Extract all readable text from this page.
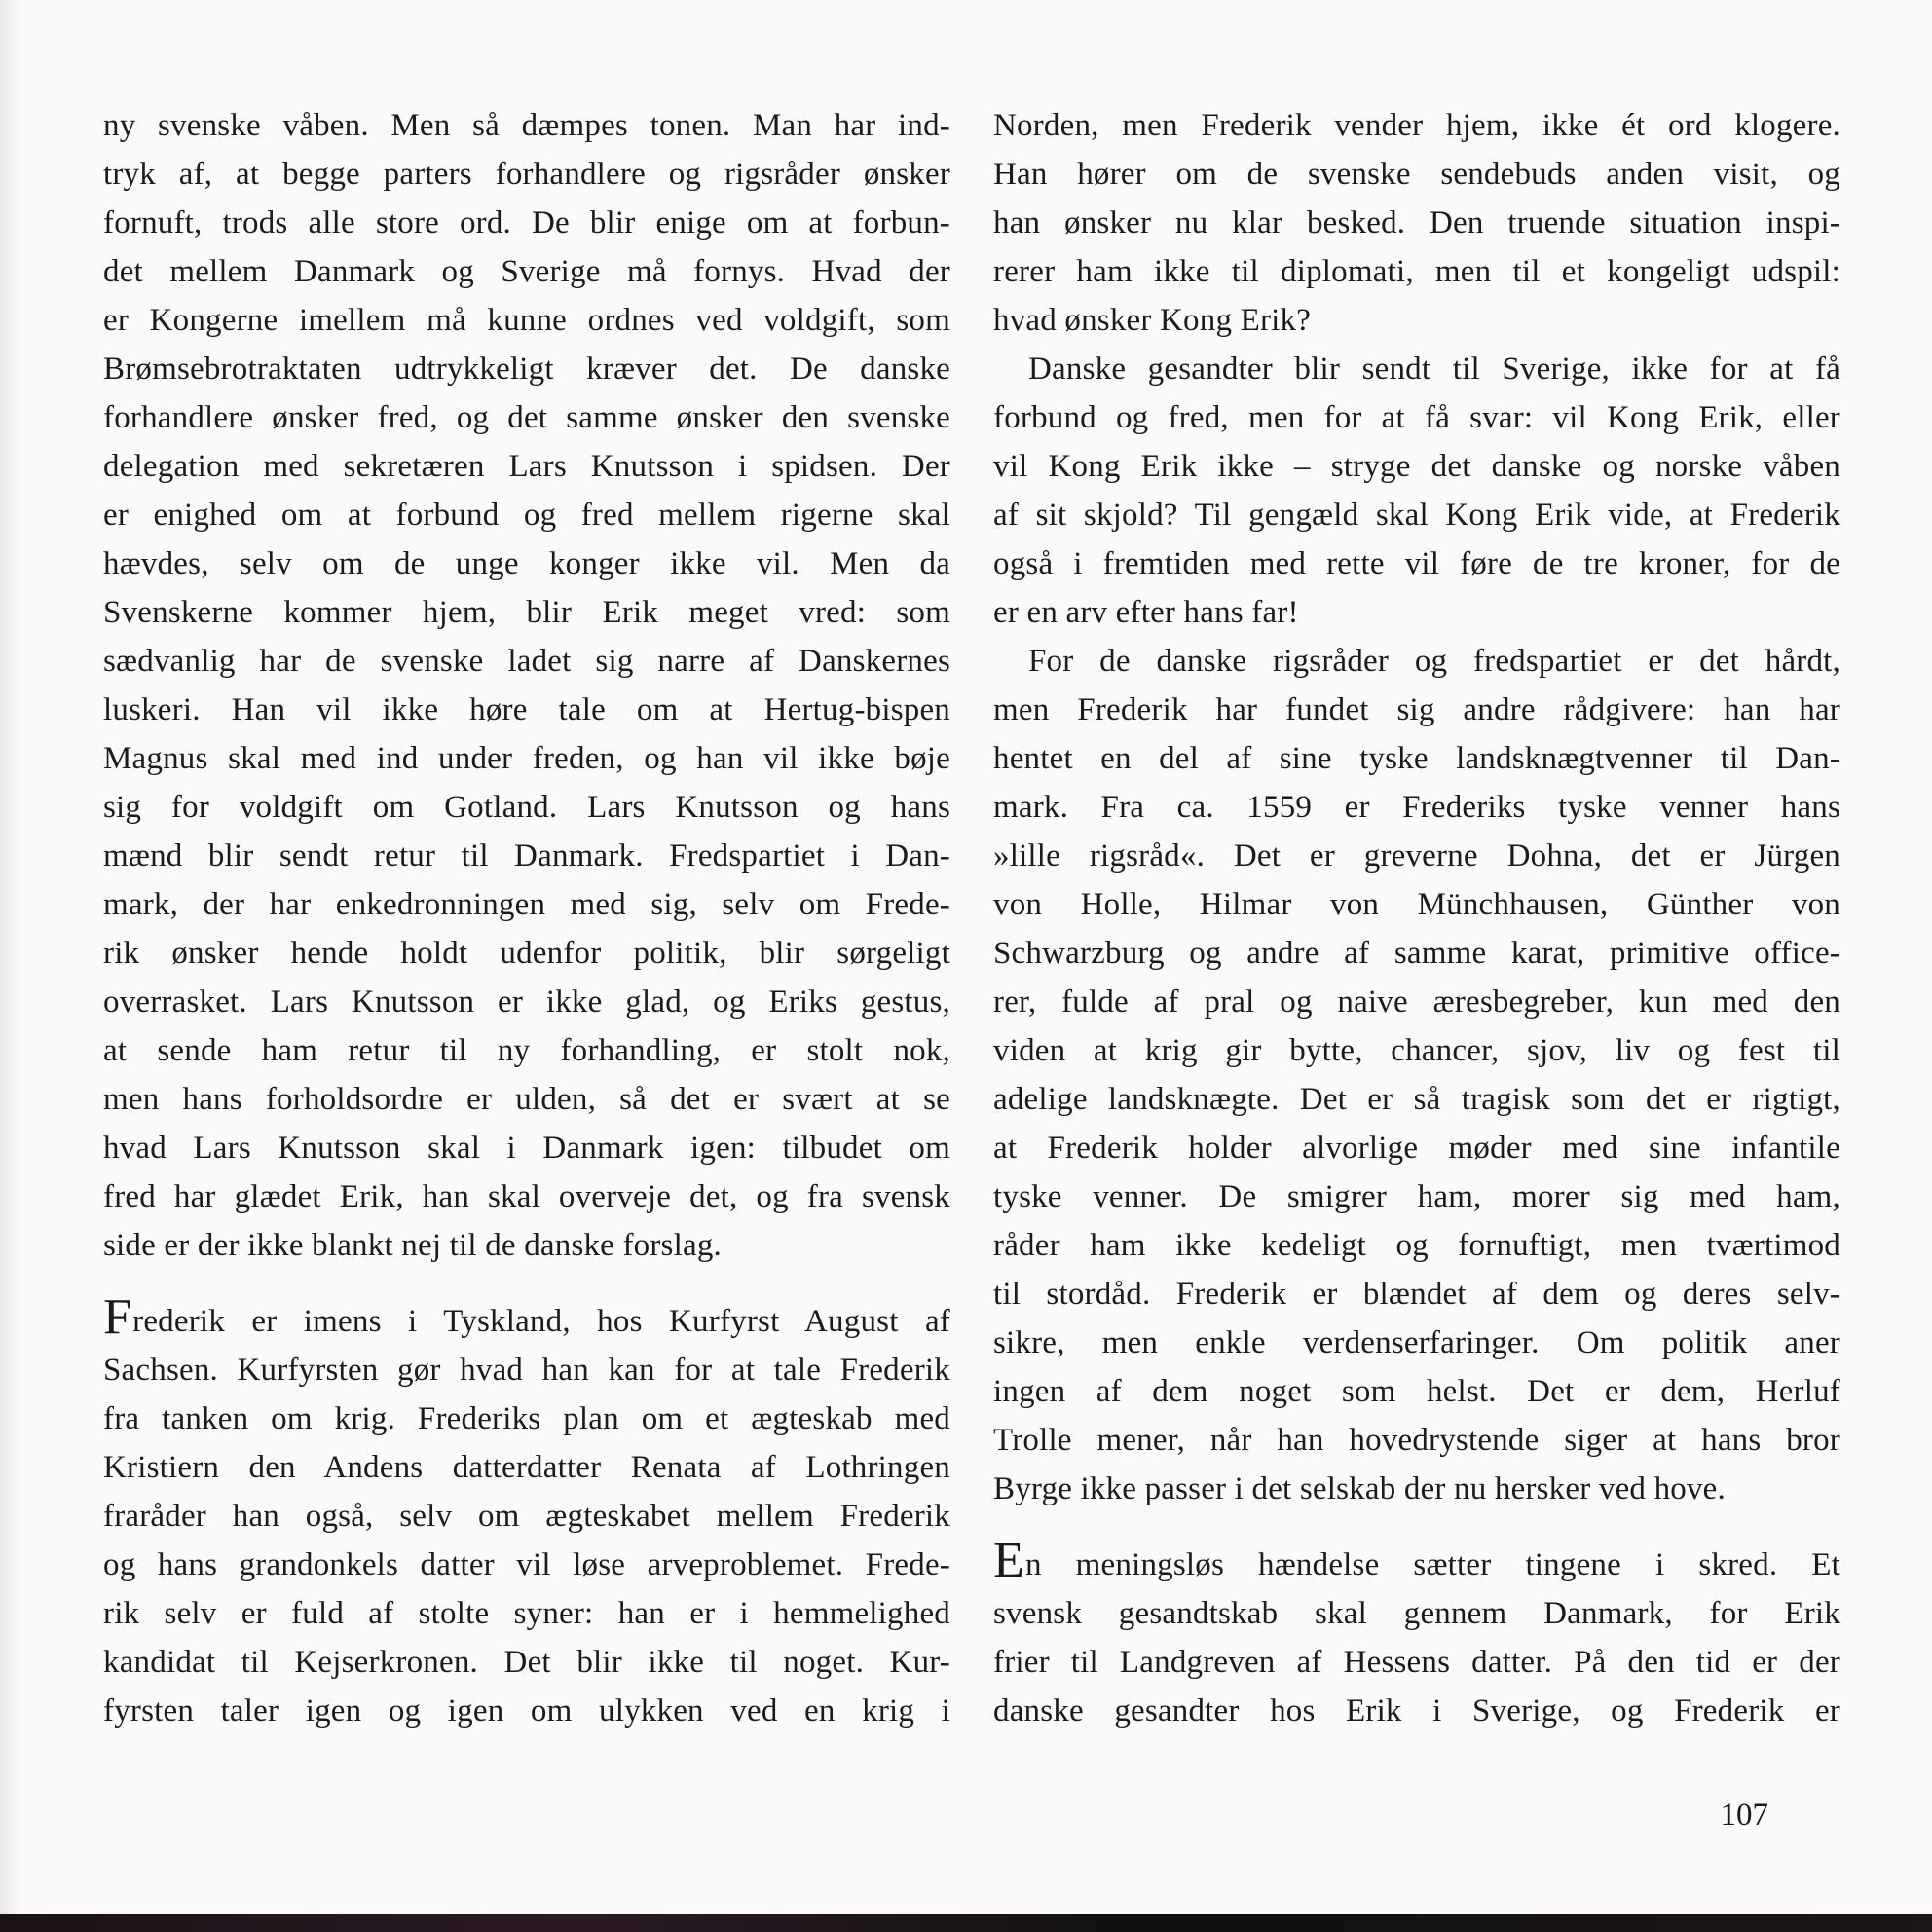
ny svenske våben. Men så dæmpes tonen. Man har ind-
tryk af, at begge parters forhandlere og rigsråder ønsker
fornuft, trods alle store ord. De blir enige om at forbun-
det mellem Danmark og Sverige må fornys. Hvad der
er Kongerne imellem må kunne ordnes ved voldgift, som
Brømsebrotraktaten udtrykkeligt kræver det. De danske
forhandlere ønsker fred, og det samme ønsker den svenske
delegation med sekretæren Lars Knutsson i spidsen. Der
er enighed om at forbund og fred mellem rigerne skal
hævdes, selv om de unge konger ikke vil. Men da
Svenskerne kommer hjem, blir Erik meget vred: som
sædvanlig har de svenske ladet sig narre af Danskernes
luskeri. Han vil ikke høre tale om at Hertug-bispen
Magnus skal med ind under freden, og han vil ikke bøje
sig for voldgift om Gotland. Lars Knutsson og hans
mænd blir sendt retur til Danmark. Fredspartiet i Dan-
mark, der har enkedronningen med sig, selv om Frede-
rik ønsker hende holdt udenfor politik, blir sørgeligt
overrasket. Lars Knutsson er ikke glad, og Eriks gestus,
at sende ham retur til ny forhandling, er stolt nok,
men hans forholdsordre er ulden, så det er svært at se
hvad Lars Knutsson skal i Danmark igen: tilbudet om
fred har glædet Erik, han skal overveje det, og fra svensk
side er der ikke blankt nej til de danske forslag.
Frederik er imens i Tyskland, hos Kurfyrst August af
Sachsen. Kurfyrsten gør hvad han kan for at tale Frederik
fra tanken om krig. Frederiks plan om et ægteskab med
Kristiern den Andens datterdatter Renata af Lothringen
fraråder han også, selv om ægteskabet mellem Frederik
og hans grandonkels datter vil løse arveproblemet. Frede-
rik selv er fuld af stolte syner: han er i hemmelighed
kandidat til Kejserkronen. Det blir ikke til noget. Kur-
fyrsten taler igen og igen om ulykken ved en krig i
Norden, men Frederik vender hjem, ikke ét ord klogere.
Han hører om de svenske sendebuds anden visit, og
han ønsker nu klar besked. Den truende situation inspi-
rerer ham ikke til diplomati, men til et kongeligt udspil:
hvad ønsker Kong Erik?
Danske gesandter blir sendt til Sverige, ikke for at få
forbund og fred, men for at få svar: vil Kong Erik, eller
vil Kong Erik ikke – stryge det danske og norske våben
af sit skjold? Til gengæld skal Kong Erik vide, at Frederik
også i fremtiden med rette vil føre de tre kroner, for de
er en arv efter hans far!
For de danske rigsråder og fredspartiet er det hårdt,
men Frederik har fundet sig andre rådgivere: han har
hentet en del af sine tyske landsknægtvenner til Dan-
mark. Fra ca. 1559 er Frederiks tyske venner hans
»lille rigsråd«. Det er greverne Dohna, det er Jürgen
von Holle, Hilmar von Münchhausen, Günther von
Schwarzburg og andre af samme karat, primitive office-
rer, fulde af pral og naive æresbegreber, kun med den
viden at krig gir bytte, chancer, sjov, liv og fest til
adelige landsknægte. Det er så tragisk som det er rigtigt,
at Frederik holder alvorlige møder med sine infantile
tyske venner. De smigrer ham, morer sig med ham,
råder ham ikke kedeligt og fornuftigt, men tværtimod
til stordåd. Frederik er blændet af dem og deres selv-
sikre, men enkle verdenserfaringer. Om politik aner
ingen af dem noget som helst. Det er dem, Herluf
Trolle mener, når han hovedrystende siger at hans bror
Byrge ikke passer i det selskab der nu hersker ved hove.
En meningsløs hændelse sætter tingene i skred. Et
svensk gesandtskab skal gennem Danmark, for Erik
frier til Landgreven af Hessens datter. På den tid er der
danske gesandter hos Erik i Sverige, og Frederik er
107
